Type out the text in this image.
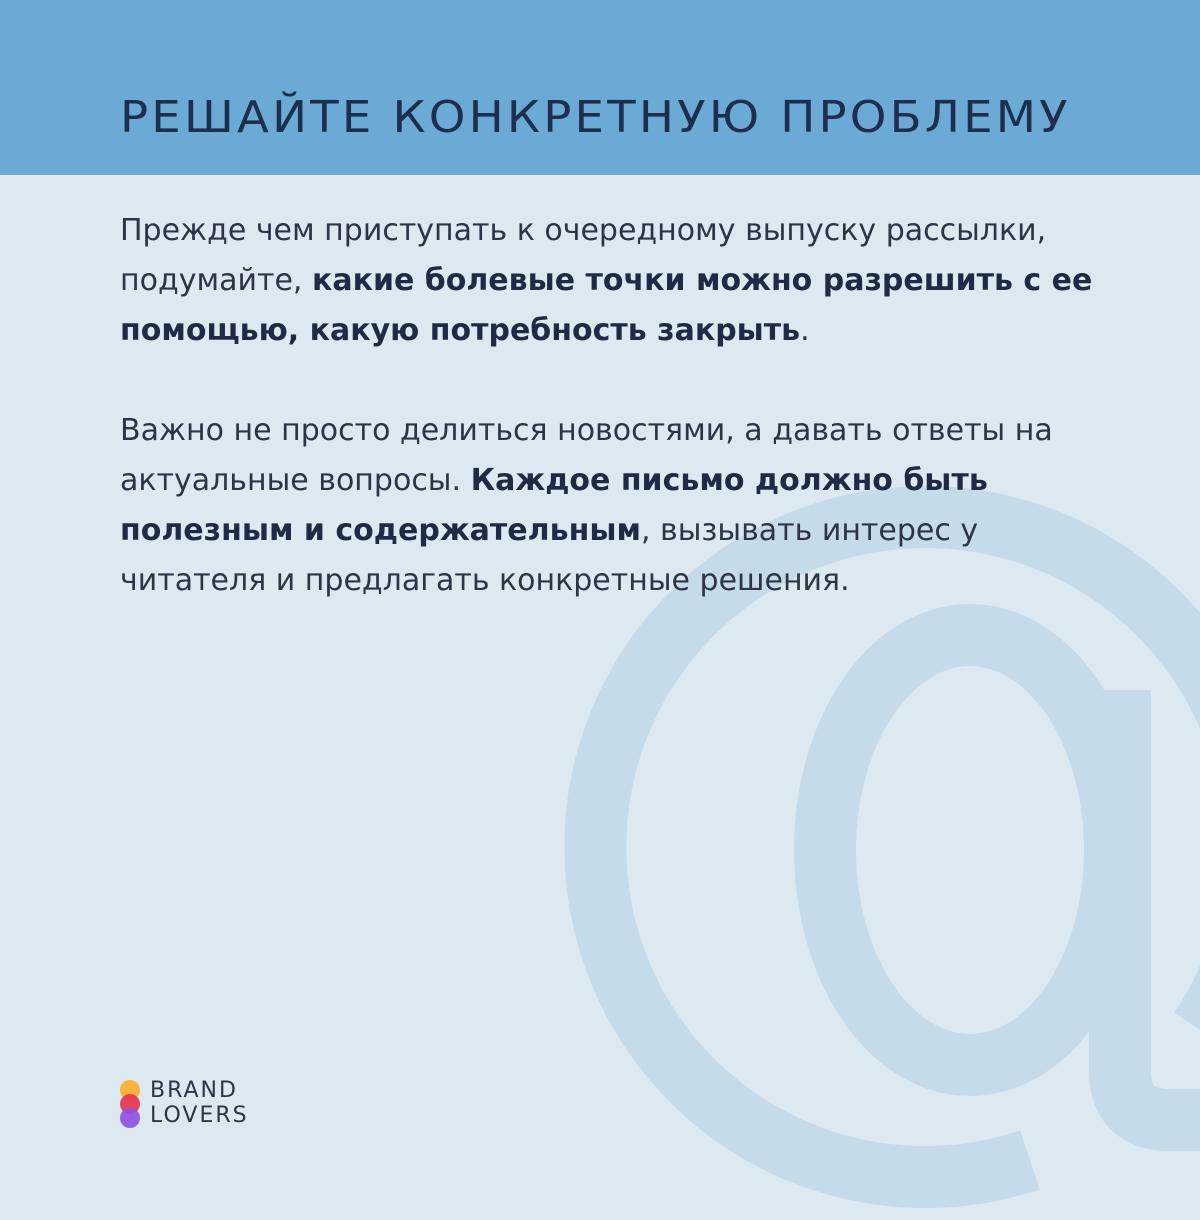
РЕШАЙТЕ КОНКРЕТНУЮ ПРОБЛЕМУ

Прежде чем приступать к очередному выпуску рассылки, подумайте, какие болевые точки можно разрешить с ее помощью, какую потребность закрыть.

Важно не просто делиться новостями, а давать ответы на актуальные вопросы. Каждое письмо должно быть полезным и содержательным, вызывать интерес у читателя и предлагать конкретные решения.

BRAND
LOVERS
